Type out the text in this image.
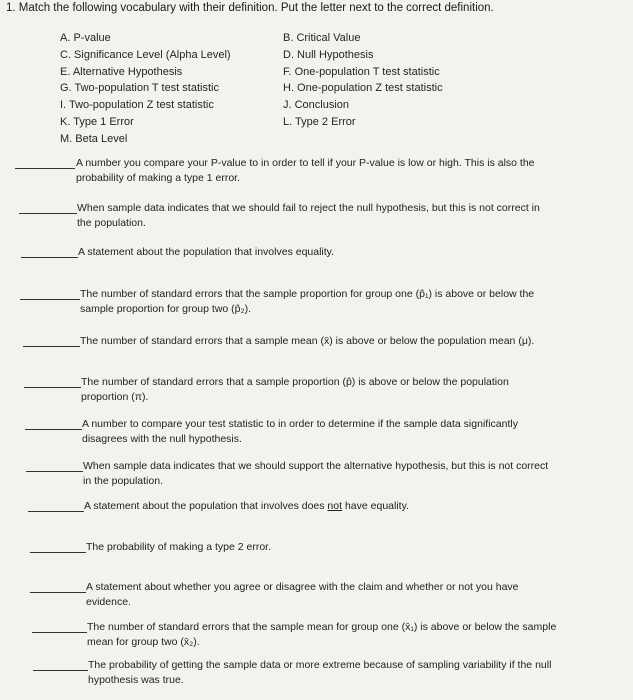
1. Match the following vocabulary with their definition. Put the letter next to the correct definition.
A. P-value
C. Significance Level (Alpha Level)
E. Alternative Hypothesis
G. Two-population T test statistic
I. Two-population Z test statistic
K. Type 1 Error
M. Beta Level
B. Critical Value
D. Null Hypothesis
F. One-population T test statistic
H. One-population Z test statistic
J. Conclusion
L. Type 2 Error
A number you compare your P-value to in order to tell if your P-value is low or high. This is also the
probability of making a type 1 error.
When sample data indicates that we should fail to reject the null hypothesis, but this is not correct in
the population.
A statement about the population that involves equality.
The number of standard errors that the sample proportion for group one (p̂₁) is above or below the
sample proportion for group two (p̂₂).
The number of standard errors that a sample mean (x̄) is above or below the population mean (μ).
The number of standard errors that a sample proportion (p̂) is above or below the population
proportion (π).
A number to compare your test statistic to in order to determine if the sample data significantly
disagrees with the null hypothesis.
When sample data indicates that we should support the alternative hypothesis, but this is not correct
in the population.
A statement about the population that involves does not have equality.
The probability of making a type 2 error.
A statement about whether you agree or disagree with the claim and whether or not you have
evidence.
The number of standard errors that the sample mean for group one (x̄₁) is above or below the sample
mean for group two (x̄₂).
The probability of getting the sample data or more extreme because of sampling variability if the null
hypothesis was true.
